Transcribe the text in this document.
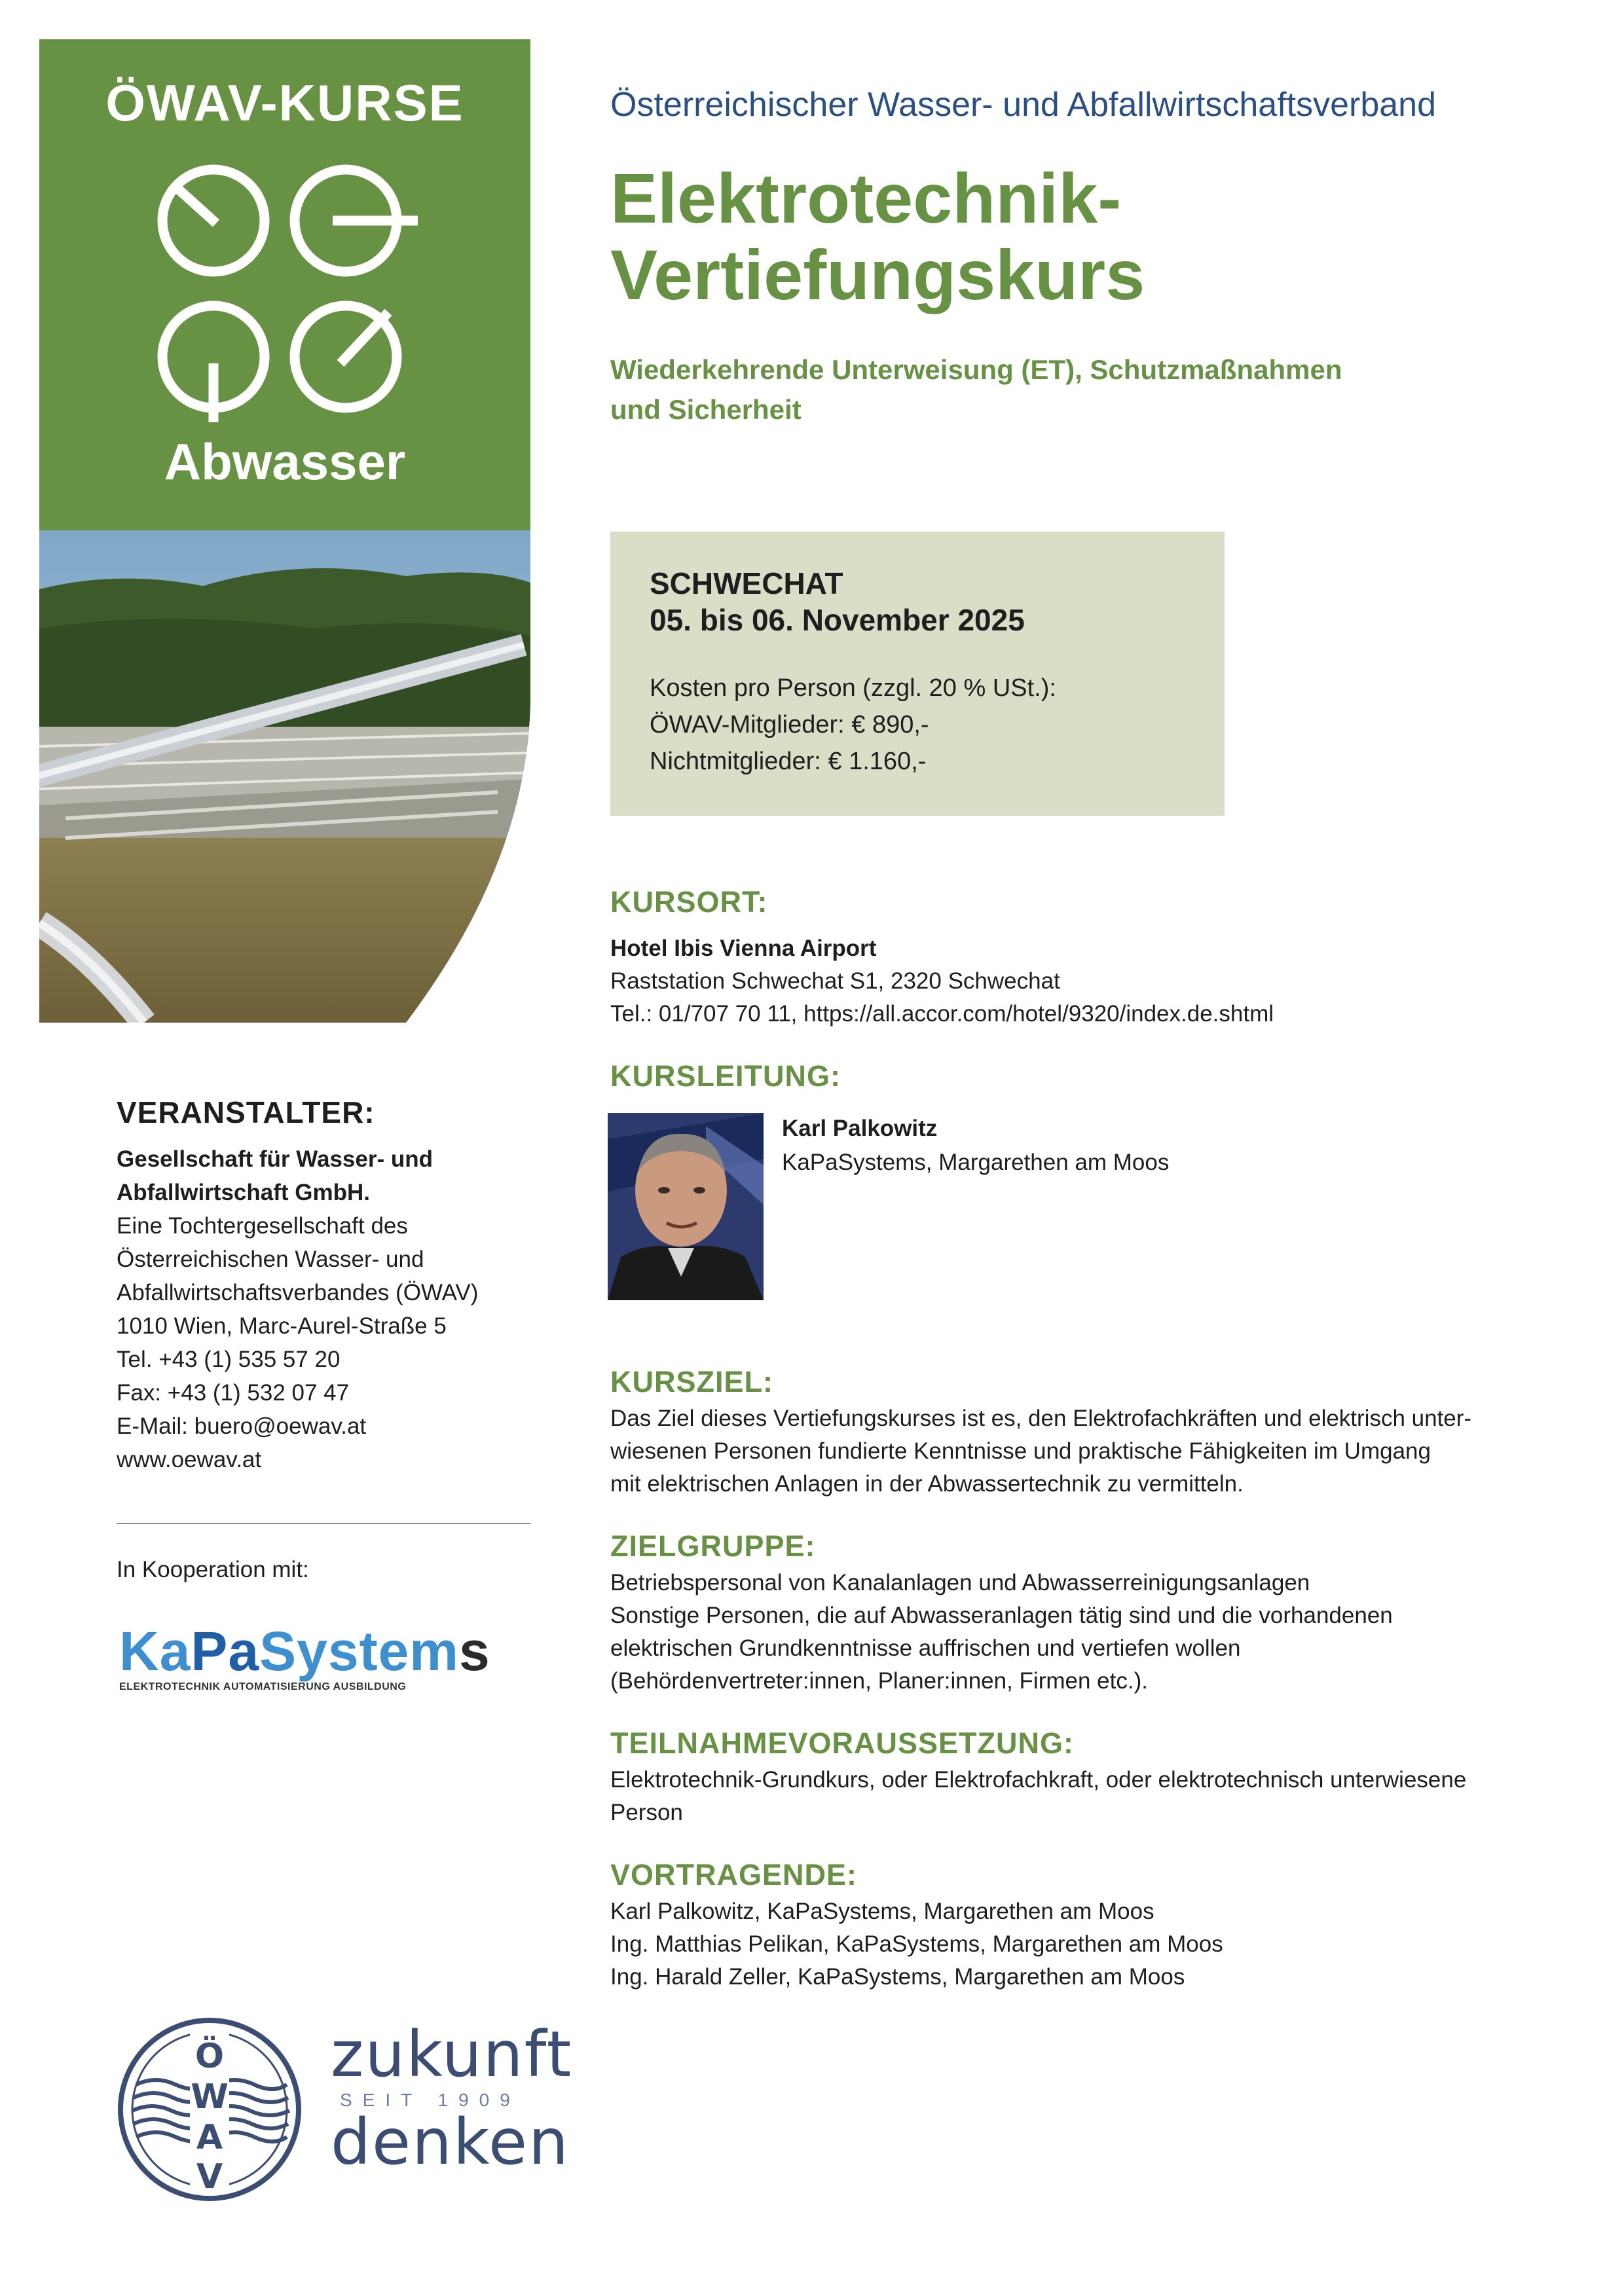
ÖWAV-KURSE
Abwasser
Österreichischer Wasser- und Abfallwirtschaftsverband
Elektrotechnik-
Vertiefungskurs
Wiederkehrende Unterweisung (ET), Schutzmaßnahmen
und Sicherheit
SCHWECHAT
05. bis 06. November 2025
Kosten pro Person (zzgl. 20 % USt.):
ÖWAV-Mitglieder: € 890,-
Nichtmitglieder: € 1.160,-
KURSORT:
Hotel Ibis Vienna Airport
Raststation Schwechat S1, 2320 Schwechat
Tel.: 01/707 70 11, https://all.accor.com/hotel/9320/index.de.shtml
KURSLEITUNG:
Karl Palkowitz
KaPaSystems, Margarethen am Moos
VERANSTALTER:
Gesellschaft für Wasser- und
Abfallwirtschaft GmbH.
Eine Tochtergesellschaft des
Österreichischen Wasser- und
Abfallwirtschaftsverbandes (ÖWAV)
1010 Wien, Marc-Aurel-Straße 5
Tel. +43 (1) 535 57 20
Fax: +43 (1) 532 07 47
E-Mail: buero@oewav.at
www.oewav.at
In Kooperation mit:
KaPaSystems
ELEKTROTECHNIK AUTOMATISIERUNG AUSBILDUNG
KURSZIEL:
Das Ziel dieses Vertiefungskurses ist es, den Elektrofachkräften und elektrisch unter-
wiesenen Personen fundierte Kenntnisse und praktische Fähigkeiten im Umgang
mit elektrischen Anlagen in der Abwassertechnik zu vermitteln.
ZIELGRUPPE:
Betriebspersonal von Kanalanlagen und Abwasserreinigungsanlagen
Sonstige Personen, die auf Abwasseranlagen tätig sind und die vorhandenen
elektrischen Grundkenntnisse auffrischen und vertiefen wollen
(Behördenvertreter:innen, Planer:innen, Firmen etc.).
TEILNAHMEVORAUSSETZUNG:
Elektrotechnik-Grundkurs, oder Elektrofachkraft, oder elektrotechnisch unterwiesene
Person
VORTRAGENDE:
Karl Palkowitz, KaPaSystems, Margarethen am Moos
Ing. Matthias Pelikan, KaPaSystems, Margarethen am Moos
Ing. Harald Zeller, KaPaSystems, Margarethen am Moos
Ö
W
A
V
zukunft
SEIT 1909
denken
